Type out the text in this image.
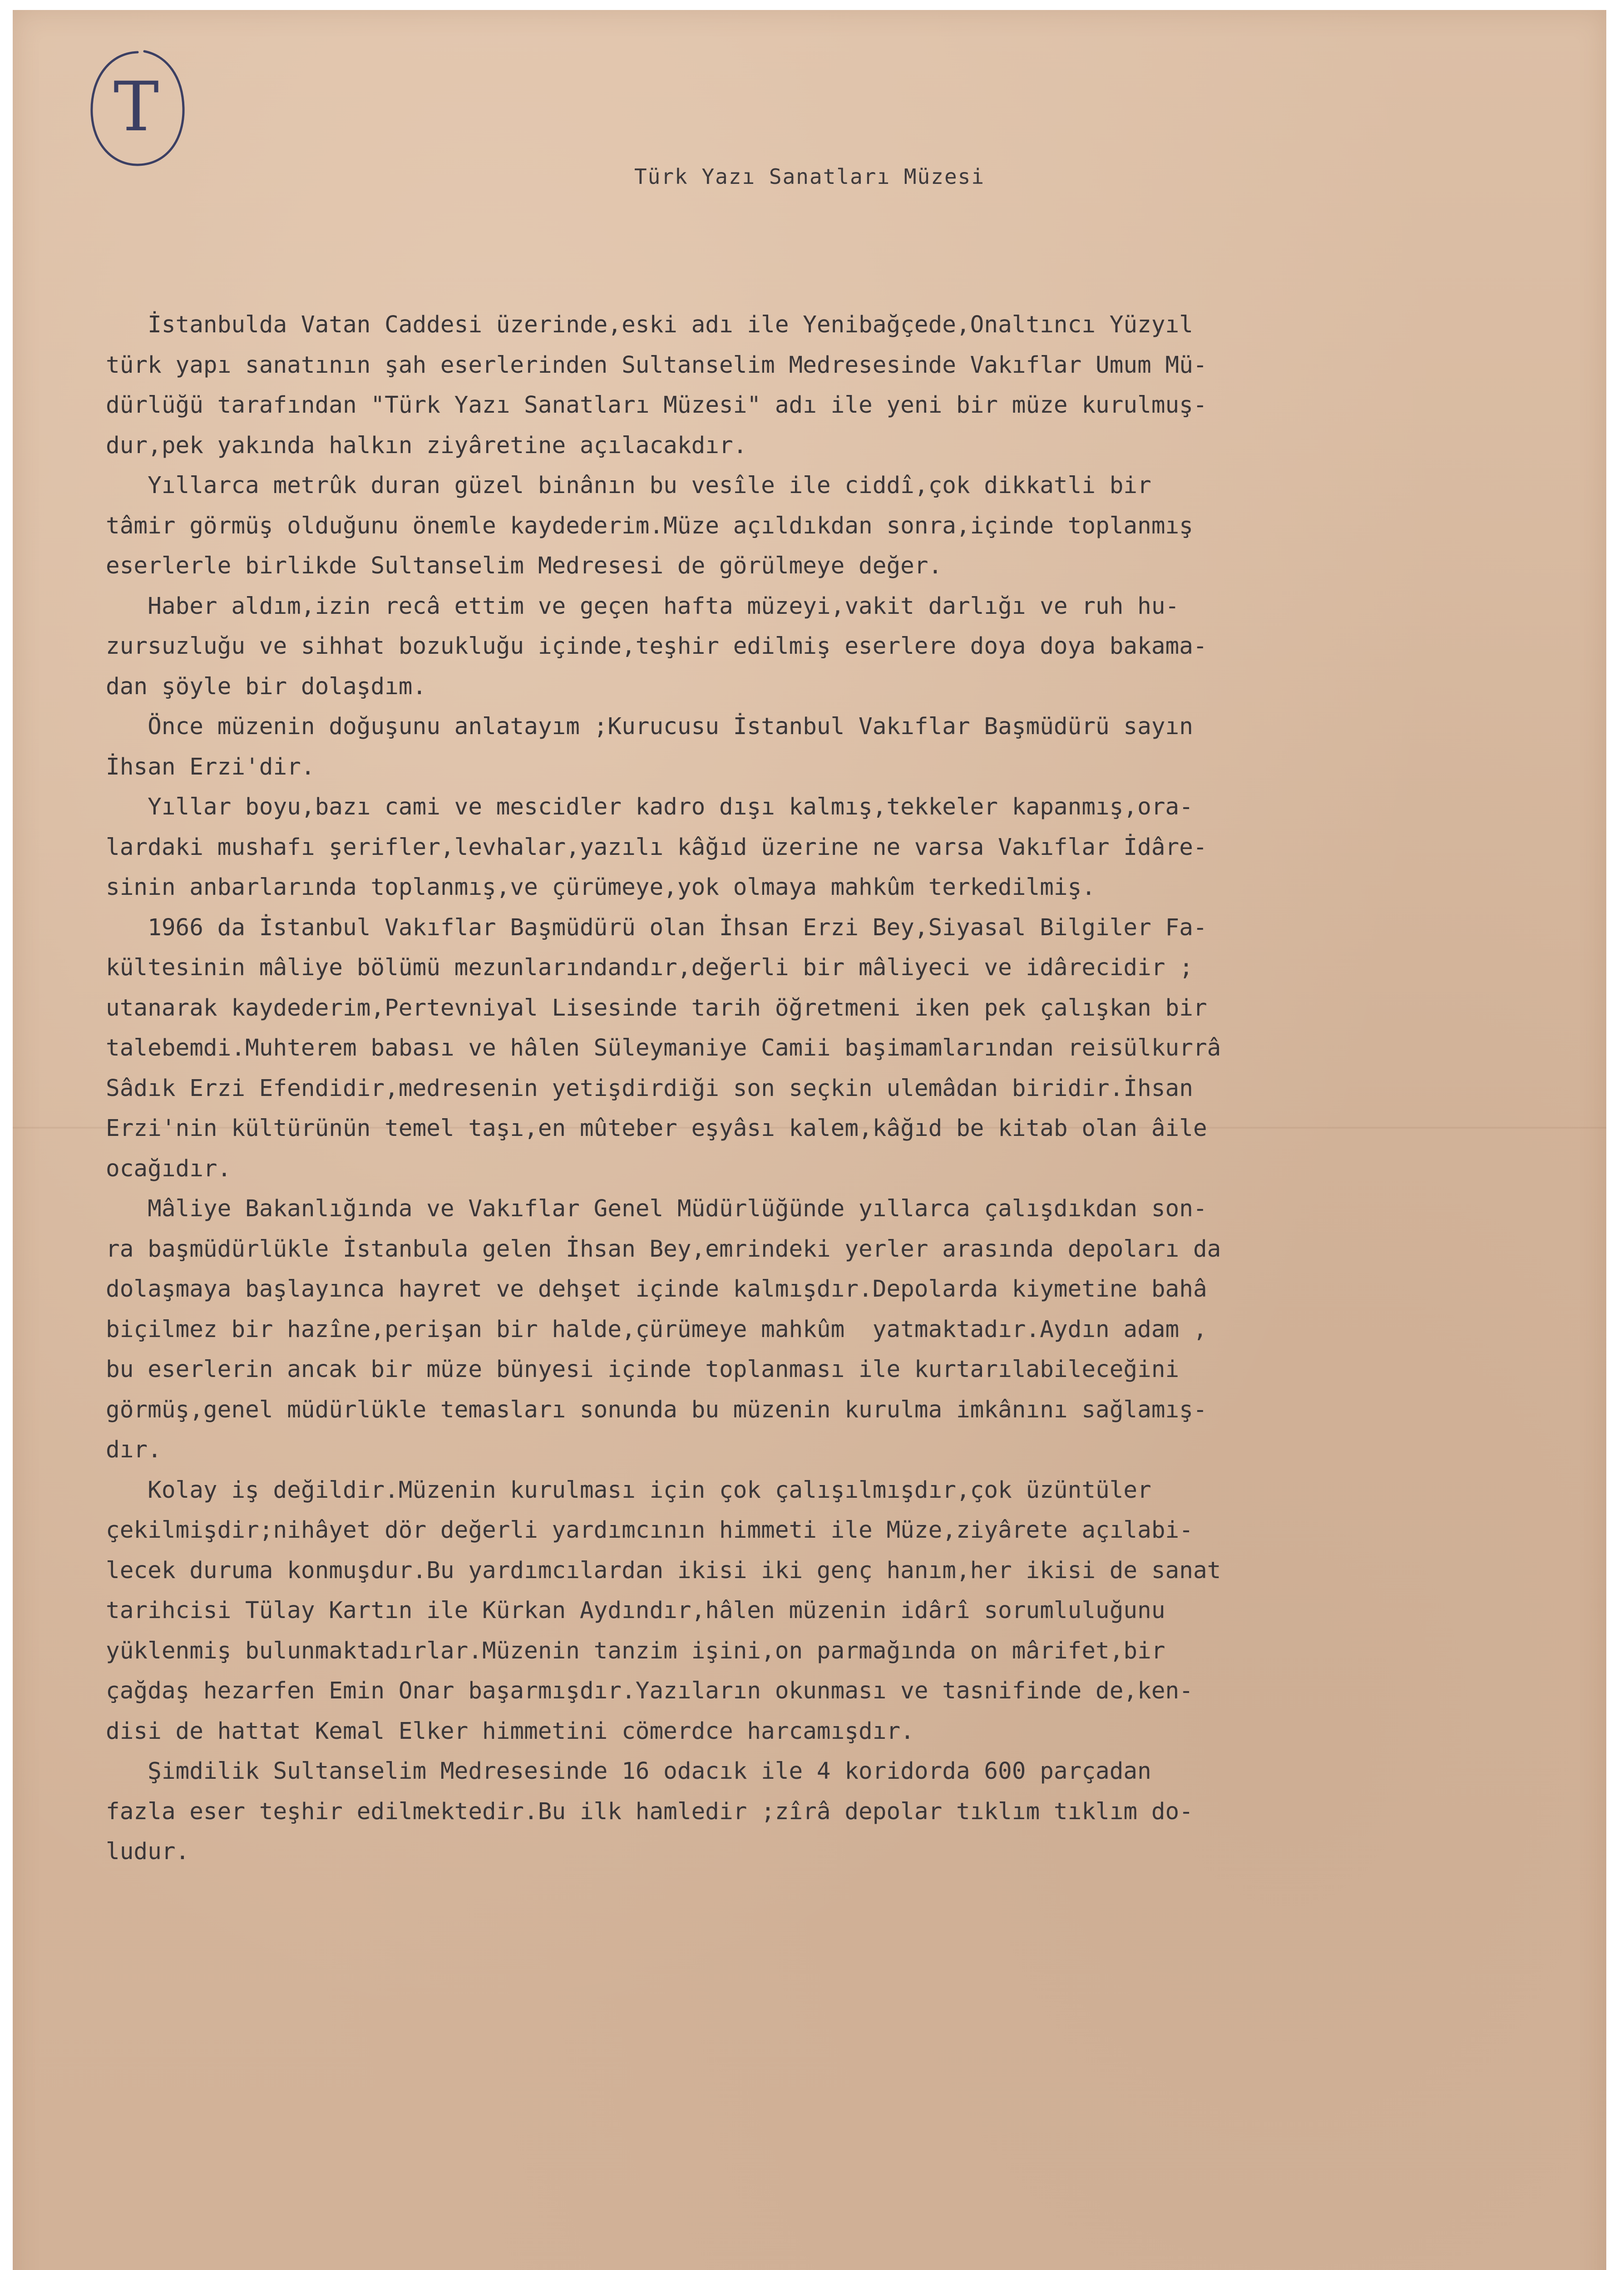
T
Türk Yazı Sanatları Müzesi
İstanbulda Vatan Caddesi üzerinde,eski adı ile Yenibağçede,Onaltıncı Yüzyıl
türk yapı sanatının şah eserlerinden Sultanselim Medresesinde Vakıflar Umum Mü-
dürlüğü tarafından "Türk Yazı Sanatları Müzesi" adı ile yeni bir müze kurulmuş-
dur,pek yakında halkın ziyâretine açılacakdır.
Yıllarca metrûk duran güzel binânın bu vesîle ile ciddî,çok dikkatli bir
tâmir görmüş olduğunu önemle kaydederim.Müze açıldıkdan sonra,içinde toplanmış
eserlerle birlikde Sultanselim Medresesi de görülmeye değer.
Haber aldım,izin recâ ettim ve geçen hafta müzeyi,vakit darlığı ve ruh hu-
zursuzluğu ve sihhat bozukluğu içinde,teşhir edilmiş eserlere doya doya bakama-
dan şöyle bir dolaşdım.
Önce müzenin doğuşunu anlatayım ;Kurucusu İstanbul Vakıflar Başmüdürü sayın
İhsan Erzi'dir.
Yıllar boyu,bazı cami ve mescidler kadro dışı kalmış,tekkeler kapanmış,ora-
lardaki mushafı şerifler,levhalar,yazılı kâğıd üzerine ne varsa Vakıflar İdâre-
sinin anbarlarında toplanmış,ve çürümeye,yok olmaya mahkûm terkedilmiş.
1966 da İstanbul Vakıflar Başmüdürü olan İhsan Erzi Bey,Siyasal Bilgiler Fa-
kültesinin mâliye bölümü mezunlarındandır,değerli bir mâliyeci ve idârecidir ;
utanarak kaydederim,Pertevniyal Lisesinde tarih öğretmeni iken pek çalışkan bir
talebemdi.Muhterem babası ve hâlen Süleymaniye Camii başimamlarından reisülkurrâ
Sâdık Erzi Efendidir,medresenin yetişdirdiği son seçkin ulemâdan biridir.İhsan
Erzi'nin kültürünün temel taşı,en mûteber eşyâsı kalem,kâğıd be kitab olan âile
ocağıdır.
Mâliye Bakanlığında ve Vakıflar Genel Müdürlüğünde yıllarca çalışdıkdan son-
ra başmüdürlükle İstanbula gelen İhsan Bey,emrindeki yerler arasında depoları da
dolaşmaya başlayınca hayret ve dehşet içinde kalmışdır.Depolarda kiymetine bahâ
biçilmez bir hazîne,perişan bir halde,çürümeye mahkûm  yatmaktadır.Aydın adam ,
bu eserlerin ancak bir müze bünyesi içinde toplanması ile kurtarılabileceğini
görmüş,genel müdürlükle temasları sonunda bu müzenin kurulma imkânını sağlamış-
dır.
Kolay iş değildir.Müzenin kurulması için çok çalışılmışdır,çok üzüntüler
çekilmişdir;nihâyet dör değerli yardımcının himmeti ile Müze,ziyârete açılabi-
lecek duruma konmuşdur.Bu yardımcılardan ikisi iki genç hanım,her ikisi de sanat
tarihcisi Tülay Kartın ile Kürkan Aydındır,hâlen müzenin idârî sorumluluğunu
yüklenmiş bulunmaktadırlar.Müzenin tanzim işini,on parmağında on mârifet,bir
çağdaş hezarfen Emin Onar başarmışdır.Yazıların okunması ve tasnifinde de,ken-
disi de hattat Kemal Elker himmetini cömerdce harcamışdır.
Şimdilik Sultanselim Medresesinde 16 odacık ile 4 koridorda 600 parçadan
fazla eser teşhir edilmektedir.Bu ilk hamledir ;zîrâ depolar tıklım tıklım do-
ludur.
